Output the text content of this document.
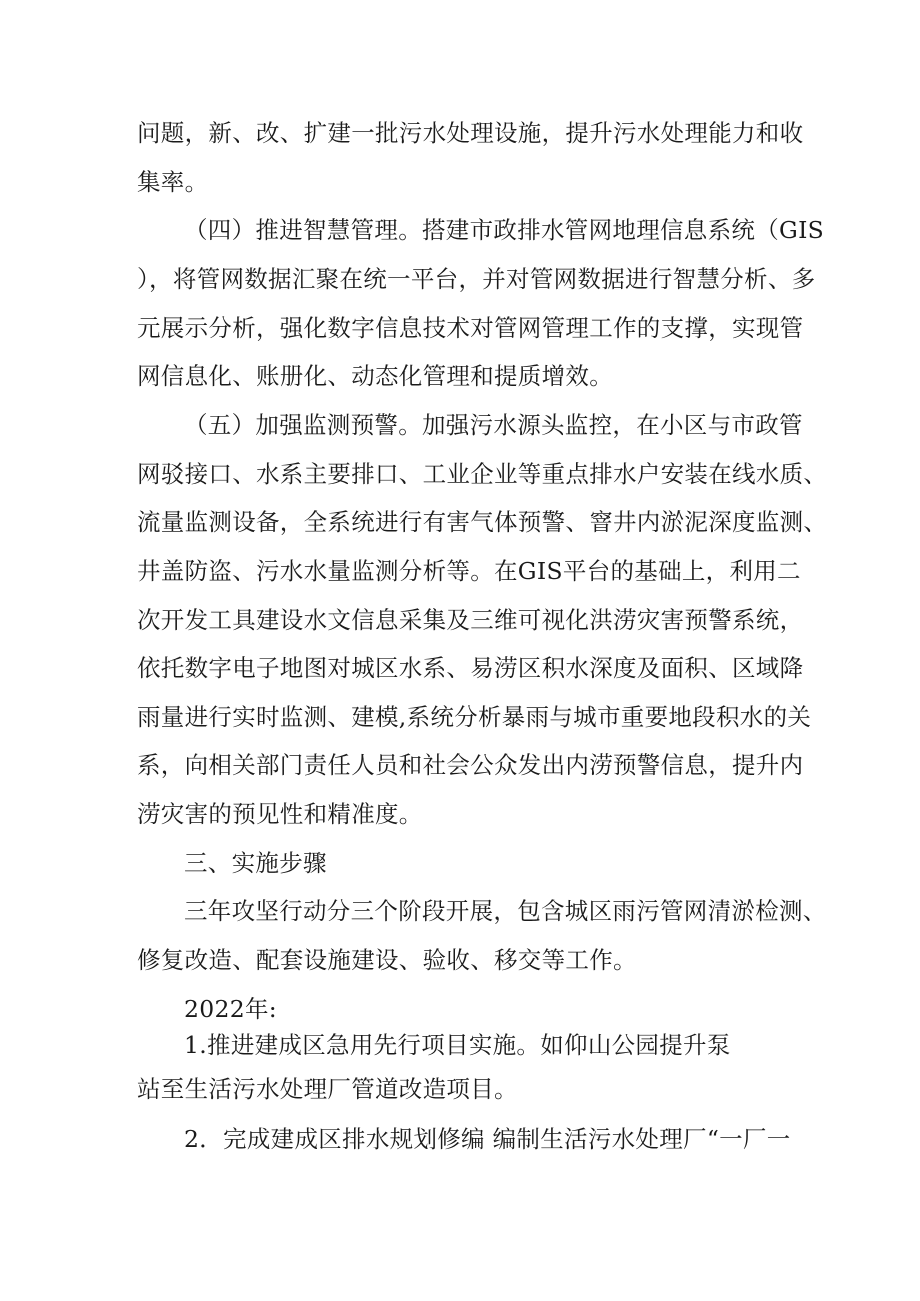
问题，新、改、扩建一批污水处理设施，提升污水处理能力和收
集率。
（四）推进智慧管理。搭建市政排水管网地理信息系统（GIS
），将管网数据汇聚在统一平台，并对管网数据进行智慧分析、多
元展示分析，强化数字信息技术对管网管理工作的支撑，实现管
网信息化、账册化、动态化管理和提质增效。
（五）加强监测预警。加强污水源头监控，在小区与市政管
网驳接口、水系主要排口、工业企业等重点排水户安装在线水质、
流量监测设备，全系统进行有害气体预警、窨井内淤泥深度监测、
井盖防盗、污水水量监测分析等。在GIS平台的基础上，利用二
次开发工具建设水文信息采集及三维可视化洪涝灾害预警系统，
依托数字电子地图对城区水系、易涝区积水深度及面积、区域降
雨量进行实时监测、建模,系统分析暴雨与城市重要地段积水的关
系，向相关部门责任人员和社会公众发出内涝预警信息，提升内
涝灾害的预见性和精准度。
三、实施步骤
三年攻坚行动分三个阶段开展，包含城区雨污管网清淤检测、
修复改造、配套设施建设、验收、移交等工作。
2022年:
1.推进建成区急用先行项目实施。如仰山公园提升泵
站至生活污水处理厂管道改造项目。
2．完成建成区排水规划修编 编制生活污水处理厂“一厂一
